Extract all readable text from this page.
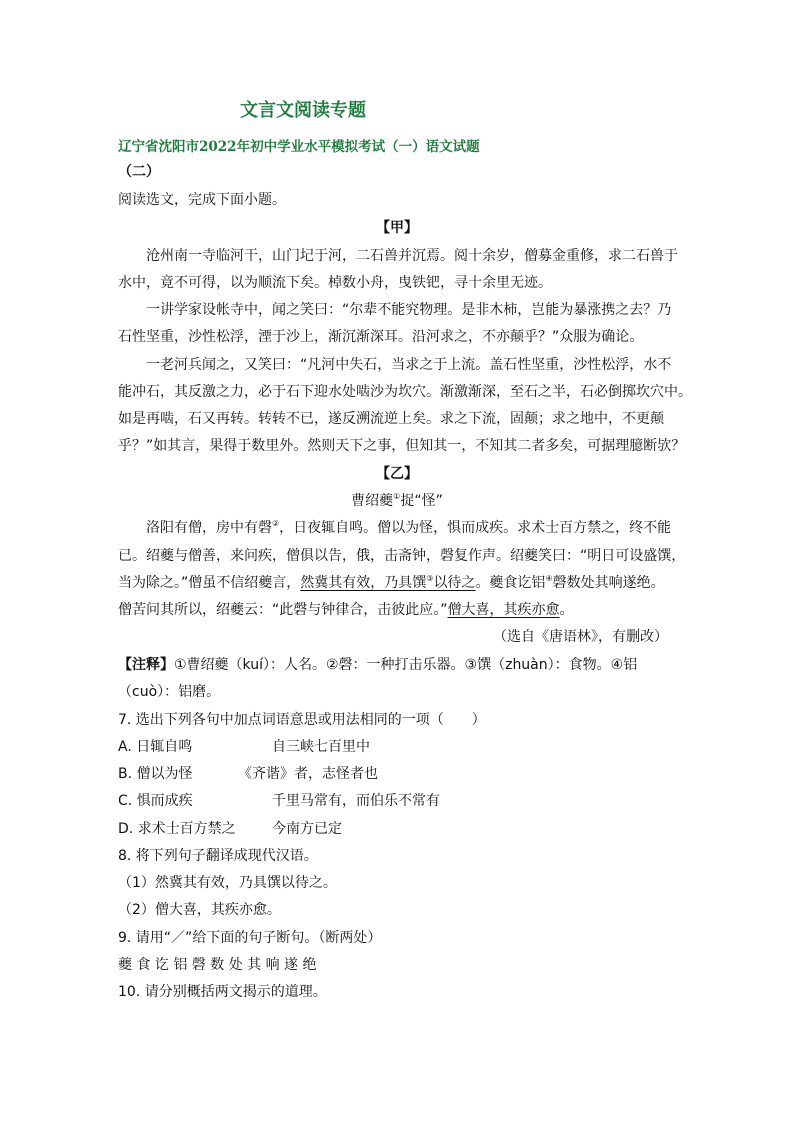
文言文阅读专题
辽宁省沈阳市2022年初中学业水平模拟考试（一）语文试题
（二）
阅读选文，完成下面小题。
【甲】
沧州南一寺临河干，山门圮于河，二石兽并沉焉。阅十余岁，僧募金重修，求二石兽于
水中，竟不可得，以为顺流下矣。棹数小舟，曳铁钯，寻十余里无迹。
一讲学家设帐寺中，闻之笑曰：“尔辈不能究物理。是非木柿，岂能为暴涨携之去？乃
石性坚重，沙性松浮，湮于沙上，渐沉渐深耳。沿河求之，不亦颠乎？”众服为确论。
一老河兵闻之，又笑曰：“凡河中失石，当求之于上流。盖石性坚重，沙性松浮，水不
能冲石，其反激之力，必于石下迎水处啮沙为坎穴。渐激渐深，至石之半，石必倒掷坎穴中。
如是再啮，石又再转。转转不已，遂反溯流逆上矣。求之下流，固颠；求之地中，不更颠
乎？”如其言，果得于数里外。然则天下之事，但知其一，不知其二者多矣，可据理臆断欤？
【乙】
曹绍夔①捉“怪”
洛阳有僧，房中有磬②，日夜辄自鸣。僧以为怪，惧而成疾。求术士百方禁之，终不能
已。绍夔与僧善，来问疾，僧俱以告，俄，击斋钟，磬复作声。绍夔笑曰：“明日可设盛馔，
当为除之。”僧虽不信绍夔言，然冀其有效，乃具馔③以待之。夔食讫铝④磬数处其响遂绝。
僧苦问其所以，绍夔云：“此磬与钟律合，击彼此应。”僧大喜，其疾亦愈。
（选自《唐语林》，有删改）
【注释】①曹绍夔（kuí）：人名。②磬：一种打击乐器。③馔（zhuàn）：食物。④铝
（cuò）：铝磨。
7. 选出下列各句中加点词语意思或用法相同的一项（　　）
A. 日辄自鸣	自三峡七百里中
B. 僧以为怪	《齐谐》者，志怪者也
C. 惧而成疾	千里马常有，而伯乐不常有
D. 求术士百方禁之	今南方已定
8. 将下列句子翻译成现代汉语。
（1）然冀其有效，乃具馔以待之。
（2）僧大喜，其疾亦愈。
9. 请用“／”给下面的句子断句。（断两处）
夔 食 讫 铝 磬 数 处 其 响 遂 绝
10. 请分别概括两文揭示的道理。
